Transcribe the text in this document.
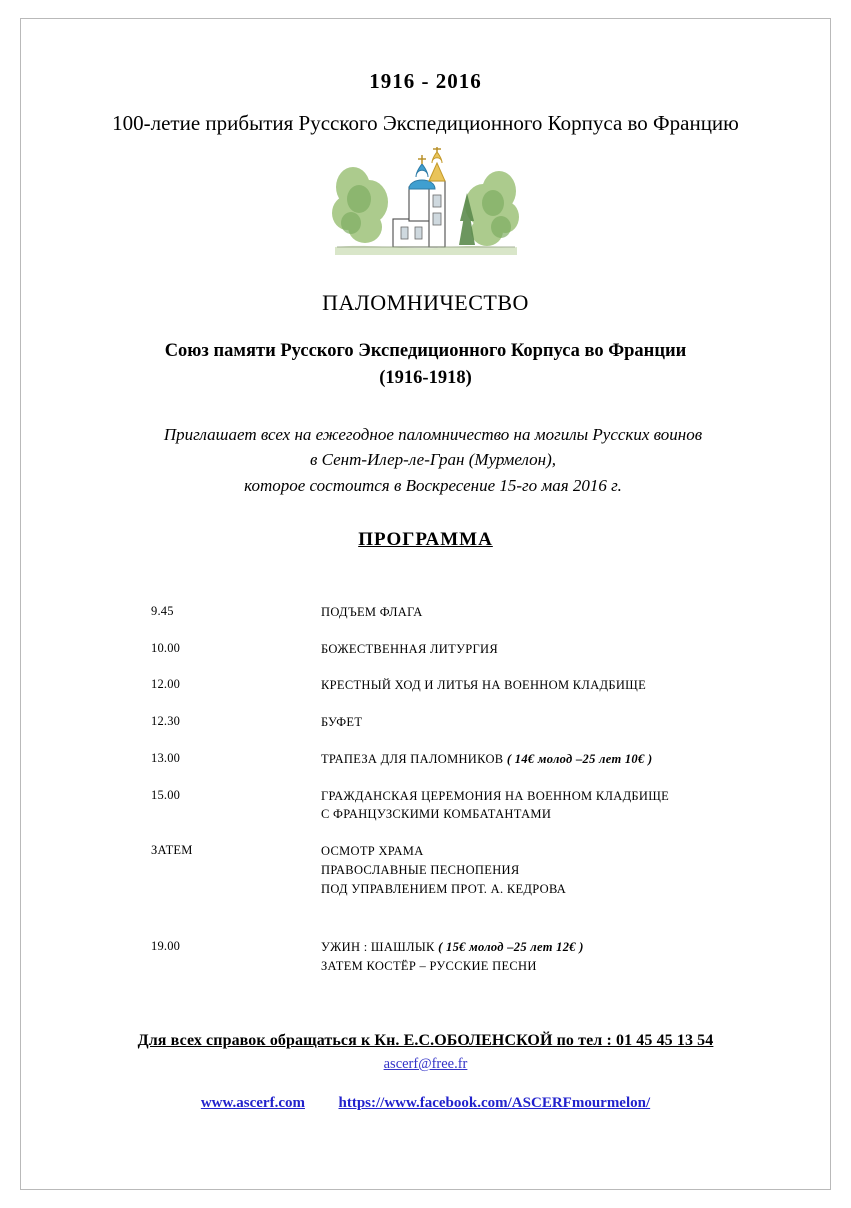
1916 - 2016
100-летие прибытия Русского Экспедиционного Корпуса во Францию
ПАЛОМНИЧЕСТВО
Союз памяти Русского Экспедиционного Корпуса во Франции
(1916-1918)
Приглашает всех на ежегодное паломничество на могилы Русских воинов
в Сент-Илер-ле-Гран (Мурмелон),
которое состоится в Воскресение 15-го мая 2016 г.
ПРОГРАММА
9.45	ПОДЪЕМ ФЛАГА
10.00	БОЖЕСТВЕННАЯ ЛИТУРГИЯ
12.00	КРЕСТНЫЙ ХОД И ЛИТЬЯ НА ВОЕННОМ КЛАДБИЩЕ
12.30	БУФЕТ
13.00	ТРАПЕЗА ДЛЯ ПАЛОМНИКОВ ( 14€ молод –25 лет 10€ )
15.00	ГРАЖДАНСКАЯ ЦЕРЕМОНИЯ НА ВОЕННОМ КЛАДБИЩЕ
С ФРАНЦУЗСКИМИ КОМБАТАНТАМИ
ЗАТЕМ	ОСМОТР ХРАМА
ПРАВОСЛАВНЫЕ ПЕСНОПЕНИЯ
ПОД УПРАВЛЕНИЕМ ПРОТ. А. КЕДРОВА
19.00	УЖИН : ШАШЛЫК ( 15€ молод –25 лет 12€ )
ЗАТЕМ КОСТЁР – РУССКИЕ ПЕСНИ
Для всех справок обращаться к Кн. Е.С.ОБОЛЕНСКОЙ по тел : 01 45 45 13 54
ascerf@free.fr
www.ascerf.com https://www.facebook.com/ASCERFmourmelon/
